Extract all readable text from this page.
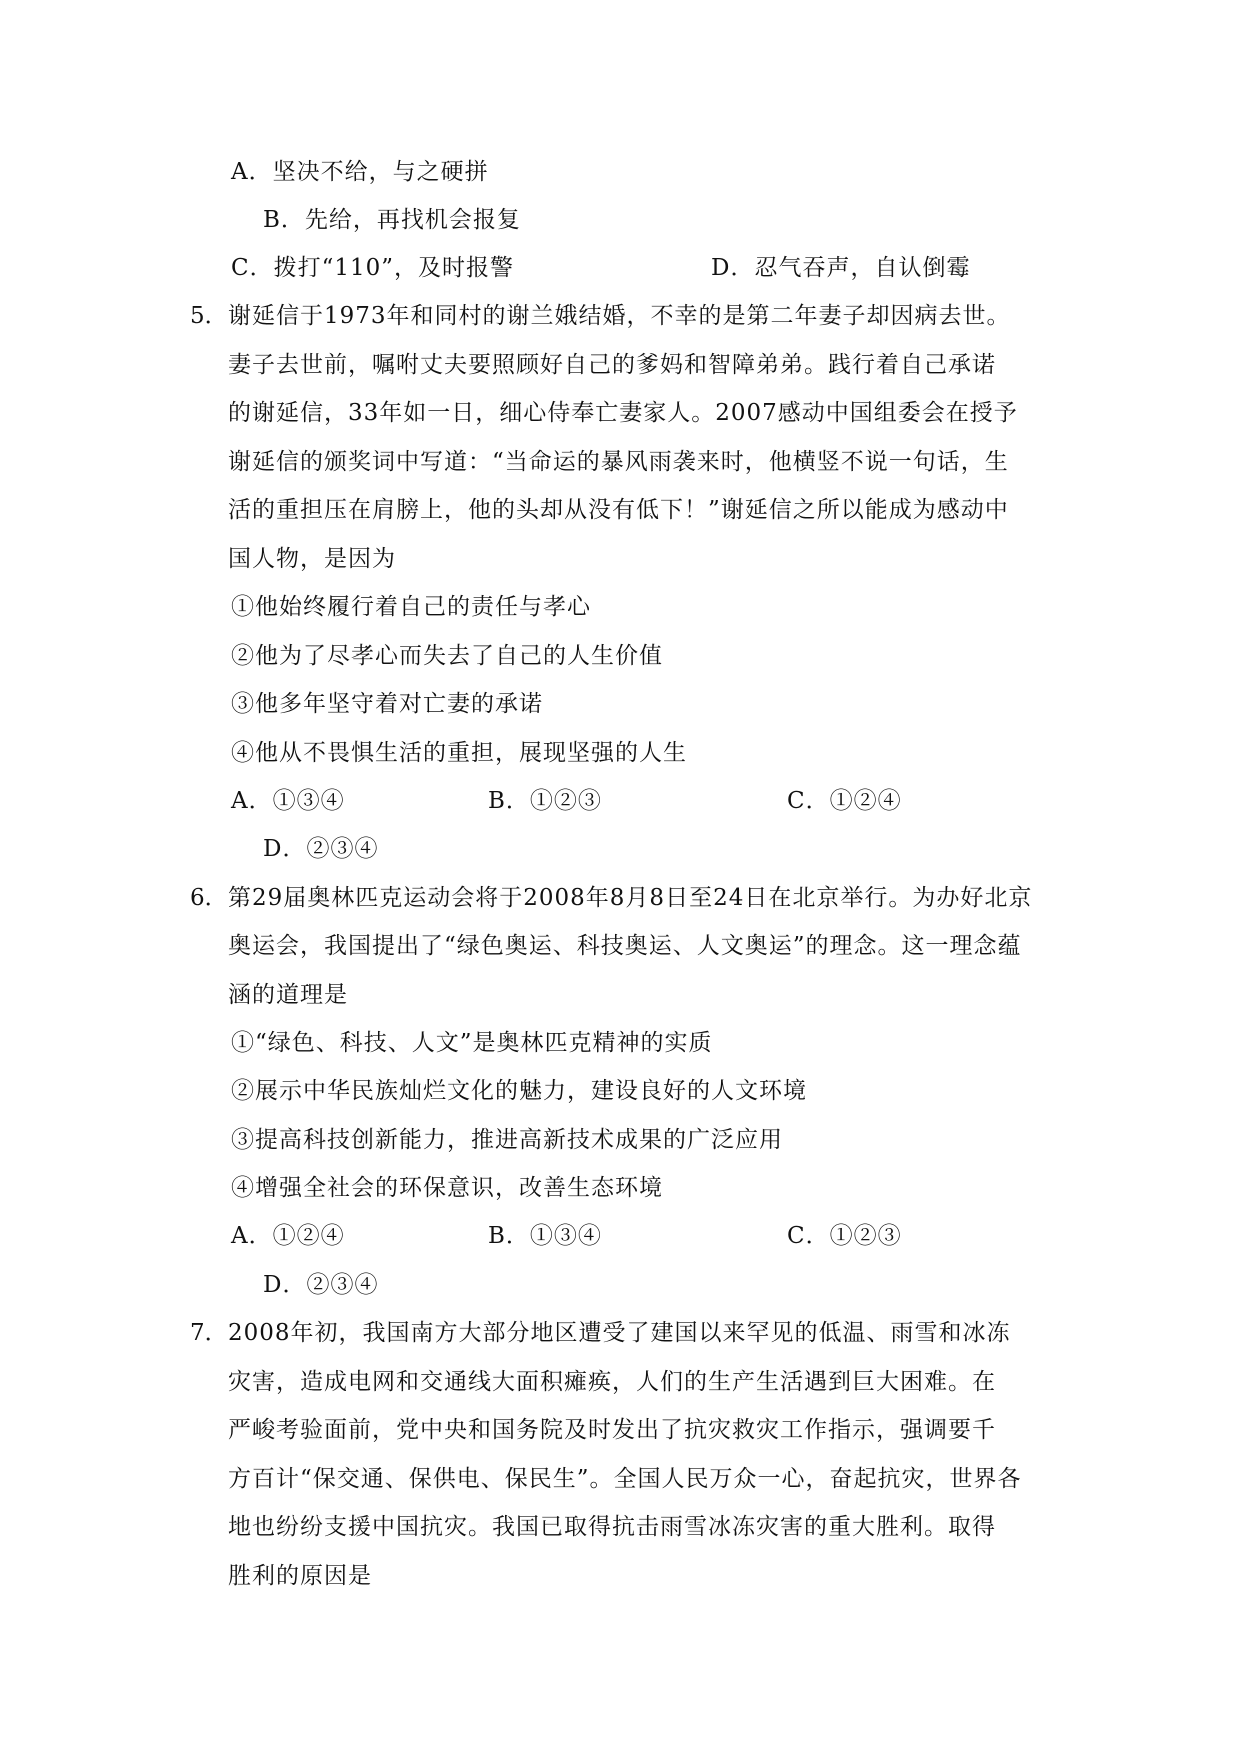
A．坚决不给，与之硬拼
B．先给，再找机会报复
C．拨打“110”，及时报警	D．忍气吞声，自认倒霉
5． 谢延信于1973年和同村的谢兰娥结婚，不幸的是第二年妻子却因病去世。
妻子去世前，嘱咐丈夫要照顾好自己的爹妈和智障弟弟。践行着自己承诺
的谢延信，33年如一日，细心侍奉亡妻家人。2007感动中国组委会在授予
谢延信的颁奖词中写道：“当命运的暴风雨袭来时，他横竖不说一句话，生
活的重担压在肩膀上，他的头却从没有低下！”谢延信之所以能成为感动中
国人物，是因为
①他始终履行着自己的责任与孝心
②他为了尽孝心而失去了自己的人生价值
③他多年坚守着对亡妻的承诺
④他从不畏惧生活的重担，展现坚强的人生
A．①③④	B．①②③	C．①②④
D．②③④
6． 第29届奥林匹克运动会将于2008年8月8日至24日在北京举行。为办好北京
奥运会，我国提出了“绿色奥运、科技奥运、人文奥运”的理念。这一理念蕴
涵的道理是
①“绿色、科技、人文”是奥林匹克精神的实质
②展示中华民族灿烂文化的魅力，建设良好的人文环境
③提高科技创新能力，推进高新技术成果的广泛应用
④增强全社会的环保意识，改善生态环境
A．①②④	B．①③④	C．①②③
D．②③④
7． 2008年初，我国南方大部分地区遭受了建国以来罕见的低温、雨雪和冰冻
灾害，造成电网和交通线大面积瘫痪，人们的生产生活遇到巨大困难。在
严峻考验面前，党中央和国务院及时发出了抗灾救灾工作指示，强调要千
方百计“保交通、保供电、保民生”。全国人民万众一心，奋起抗灾，世界各
地也纷纷支援中国抗灾。我国已取得抗击雨雪冰冻灾害的重大胜利。取得
胜利的原因是
